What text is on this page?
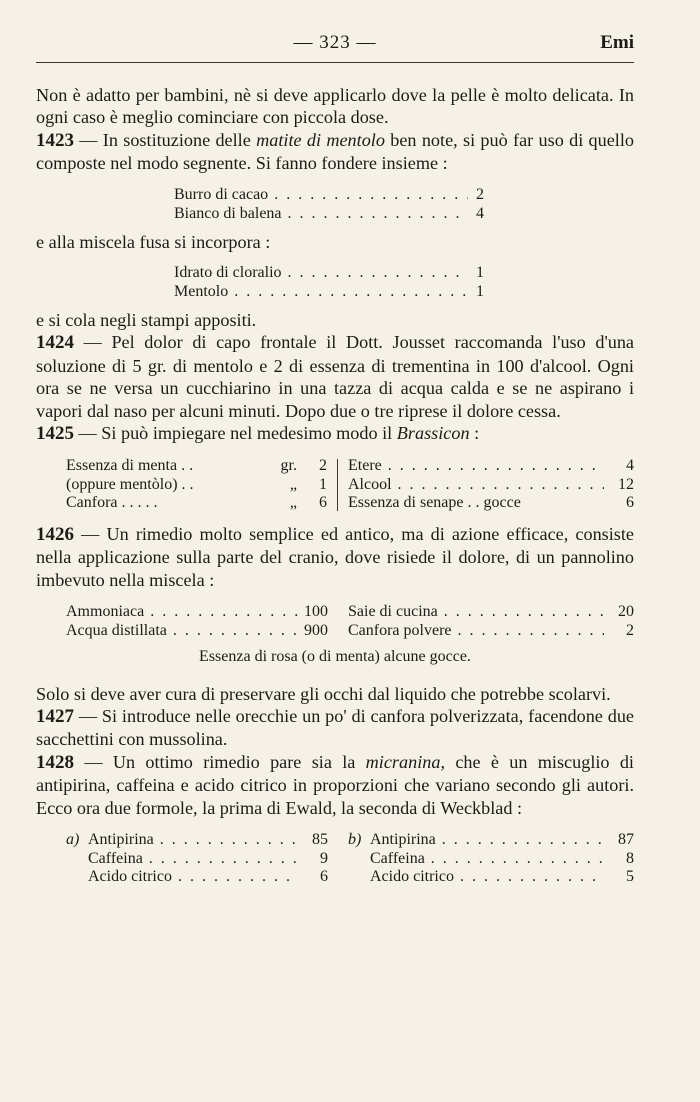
— 323 —	Emi

Non è adatto per bambini, nè si deve applicarlo dove la pelle è molto delicata. In ogni caso è meglio cominciare con piccola dose.

1423 — In sostituzione delle matite di mentolo ben note, si può far uso di quello composte nel modo segnente. Si fanno fondere insieme :

Burro di cacao . . .	2
Bianco di balena . . .	4

e alla miscela fusa si incorpora :

Idrato di cloralio . . .	1
Mentolo . . .	1

e si cola negli stampi appositi.

1424 — Pel dolor di capo frontale il Dott. Jousset raccomanda l'uso d'una soluzione di 5 gr. di mentolo e 2 di essenza di trementina in 100 d'alcool. Ogni ora se ne versa un cucchiarino in una tazza di acqua calda e se ne aspirano i vapori dal naso per alcuni minuti. Dopo due o tre riprese il dolore cessa.

1425 — Si può impiegare nel medesimo modo il Brassicon :

Essenza di menta . .	gr.	2
(oppure mentòlo) . .	„	1
Canfora . . . . .	„	6
Etere . . .	4
Alcool . . .	12
Essenza di senape . . gocce	6

1426 — Un rimedio molto semplice ed antico, ma di azione efficace, consiste nella applicazione sulla parte del cranio, dove risiede il dolore, di un pannolino imbevuto nella miscela :

Ammoniaca . . .	100
Acqua distillata . . .	900
Saie di cucina . . .	20
Canfora polvere . . .	2
Essenza di rosa (o di menta) alcune gocce.

Solo si deve aver cura di preservare gli occhi dal liquido che potrebbe scolarvi.

1427 — Si introduce nelle orecchie un po' di canfora polverizzata, facendone due sacchettini con mussolina.

1428 — Un ottimo rimedio pare sia la micranina, che è un miscuglio di antipirina, caffeina e acido citrico in proporzioni che variano secondo gli autori. Ecco ora due formole, la prima di Ewald, la seconda di Weckblad :

a) Antipirina . . .	85
Caffeina . . .	9
Acido citrico . . .	6
b) Antipirina . . .	87
Caffeina . . .	8
Acido citrico . . .	5
